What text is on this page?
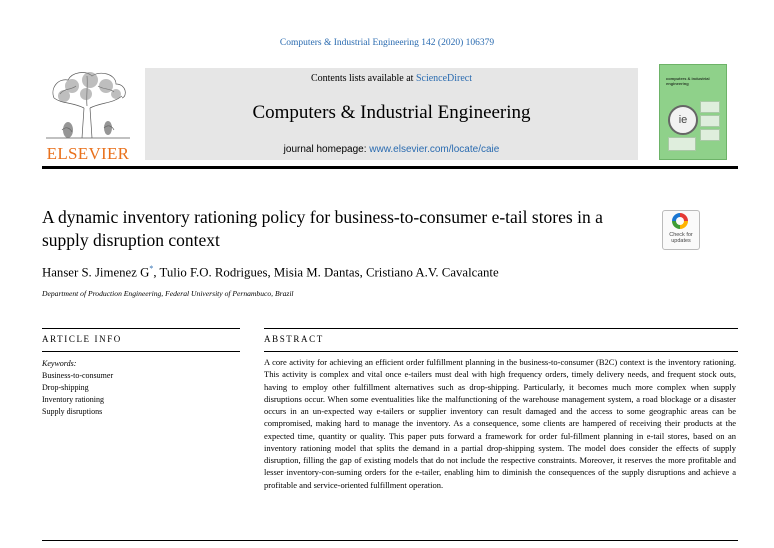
Computers & Industrial Engineering 142 (2020) 106379
ELSEVIER
Contents lists available at ScienceDirect
Computers & Industrial Engineering
journal homepage: www.elsevier.com/locate/caie
computers & industrial engineering
ie
A dynamic inventory rationing policy for business-to-consumer e-tail stores in a supply disruption context	Check for updates
Hanser S. Jimenez G*, Tulio F.O. Rodrigues, Misia M. Dantas, Cristiano A.V. Cavalcante
Department of Production Engineering, Federal University of Pernambuco, Brazil
ARTICLE INFO	ABSTRACT
Keywords:
Business-to-consumer
Drop-shipping
Inventory rationing
Supply disruptions
A core activity for achieving an efficient order fulfillment planning in the business-to-consumer (B2C) context is the inventory rationing. This activity is complex and vital once e-tailers must deal with high frequency orders, timely delivery needs, and frequent stock outs, having to employ other fulfillment alternatives such as drop-shipping. Particularly, it becomes much more complex when supply disruptions occur. When some eventualities like the malfunctioning of the warehouse management system, a road blockage or a disaster occurs in an un-expected way e-tailers or supplier inventory can result damaged and the access to some geographic areas can be compromised, making hard to manage the inventory. As a consequence, some clients are hampered of receiving their products at the expected time, quantity or quality. This paper puts forward a framework for order ful-fillment planning in e-tail stores, based on an inventory rationing model that splits the demand in a partial drop-shipping system. The model does consider the effects of supply disruption, filling the gap of existing models that do not include the respective constraints. Moreover, it reserves the more profitable and lesser inventory-con-suming orders for the e-tailer, enabling him to diminish the consequences of the supply disruptions and achieve a profitable and service-oriented fulfillment operation.
